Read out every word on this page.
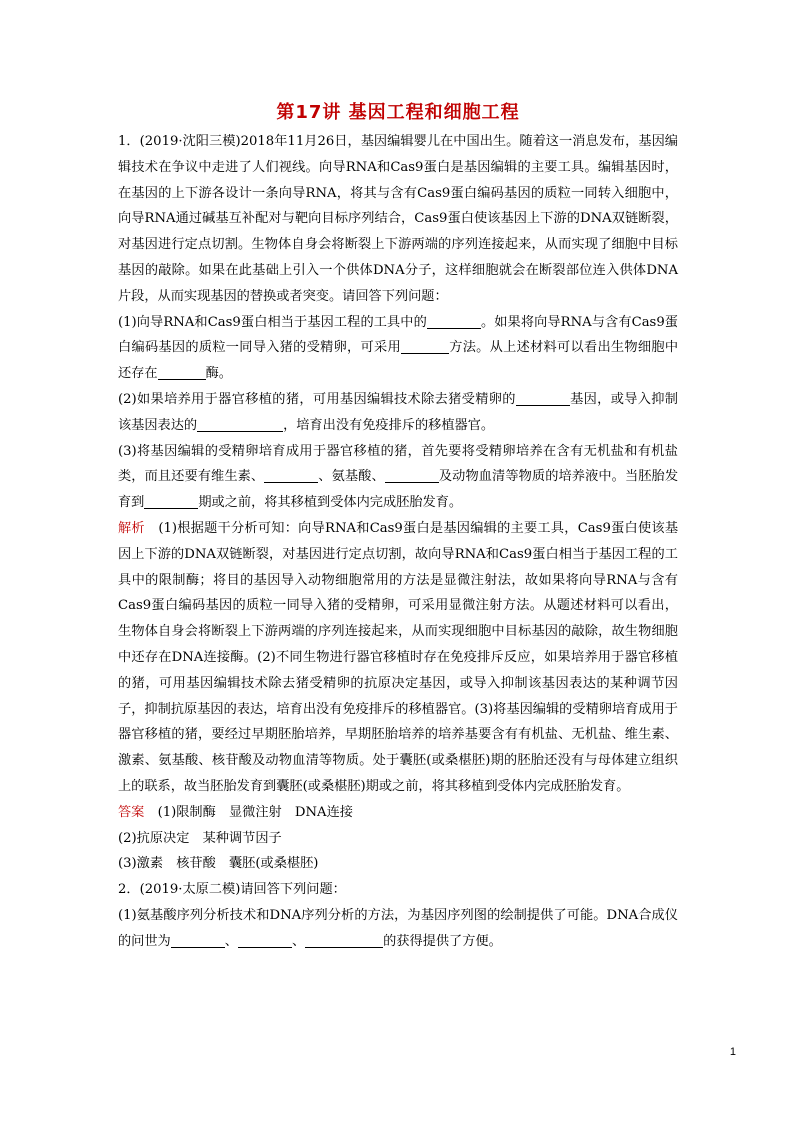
第17讲 基因工程和细胞工程

1．(2019·沈阳三模)2018年11月26日，基因编辑婴儿在中国出生。随着这一消息发布，基因编辑技术在争议中走进了人们视线。向导RNA和Cas9蛋白是基因编辑的主要工具。编辑基因时，在基因的上下游各设计一条向导RNA，将其与含有Cas9蛋白编码基因的质粒一同转入细胞中，向导RNA通过碱基互补配对与靶向目标序列结合，Cas9蛋白使该基因上下游的DNA双链断裂，对基因进行定点切割。生物体自身会将断裂上下游两端的序列连接起来，从而实现了细胞中目标基因的敲除。如果在此基础上引入一个供体DNA分子，这样细胞就会在断裂部位连入供体DNA片段，从而实现基因的替换或者突变。请回答下列问题：

(1)向导RNA和Cas9蛋白相当于基因工程的工具中的	。如果将向导RNA与含有Cas9蛋白编码基因的质粒一同导入猪的受精卵，可采用	方法。从上述材料可以看出生物细胞中还存在	酶。

(2)如果培养用于器官移植的猪，可用基因编辑技术除去猪受精卵的	基因，或导入抑制该基因表达的	，培育出没有免疫排斥的移植器官。

(3)将基因编辑的受精卵培育成用于器官移植的猪，首先要将受精卵培养在含有无机盐和有机盐类，而且还要有维生素、	、氨基酸、	及动物血清等物质的培养液中。当胚胎发育到	期或之前，将其移植到受体内完成胚胎发育。

解析　 (1)根据题干分析可知：向导RNA和Cas9蛋白是基因编辑的主要工具，Cas9蛋白使该基因上下游的DNA双链断裂，对基因进行定点切割，故向导RNA和Cas9蛋白相当于基因工程的工具中的限制酶；将目的基因导入动物细胞常用的方法是显微注射法，故如果将向导RNA与含有Cas9蛋白编码基因的质粒一同导入猪的受精卵，可采用显微注射方法。从题述材料可以看出，生物体自身会将断裂上下游两端的序列连接起来，从而实现细胞中目标基因的敲除，故生物细胞中还存在DNA连接酶。(2)不同生物进行器官移植时存在免疫排斥反应，如果培养用于器官移植的猪，可用基因编辑技术除去猪受精卵的抗原决定基因，或导入抑制该基因表达的某种调节因子，抑制抗原基因的表达，培育出没有免疫排斥的移植器官。(3)将基因编辑的受精卵培育成用于器官移植的猪，要经过早期胚胎培养，早期胚胎培养的培养基要含有有机盐、无机盐、维生素、激素、氨基酸、核苷酸及动物血清等物质。处于囊胚(或桑椹胚)期的胚胎还没有与母体建立组织上的联系，故当胚胎发育到囊胚(或桑椹胚)期或之前，将其移植到受体内完成胚胎发育。

答案　 (1)限制酶　显微注射　DNA连接

(2)抗原决定　某种调节因子

(3)激素　核苷酸　囊胚(或桑椹胚)

2．(2019·太原二模)请回答下列问题：

(1)氨基酸序列分析技术和DNA序列分析的方法，为基因序列图的绘制提供了可能。DNA合成仪的问世为	、	、	的获得提供了方便。

1
